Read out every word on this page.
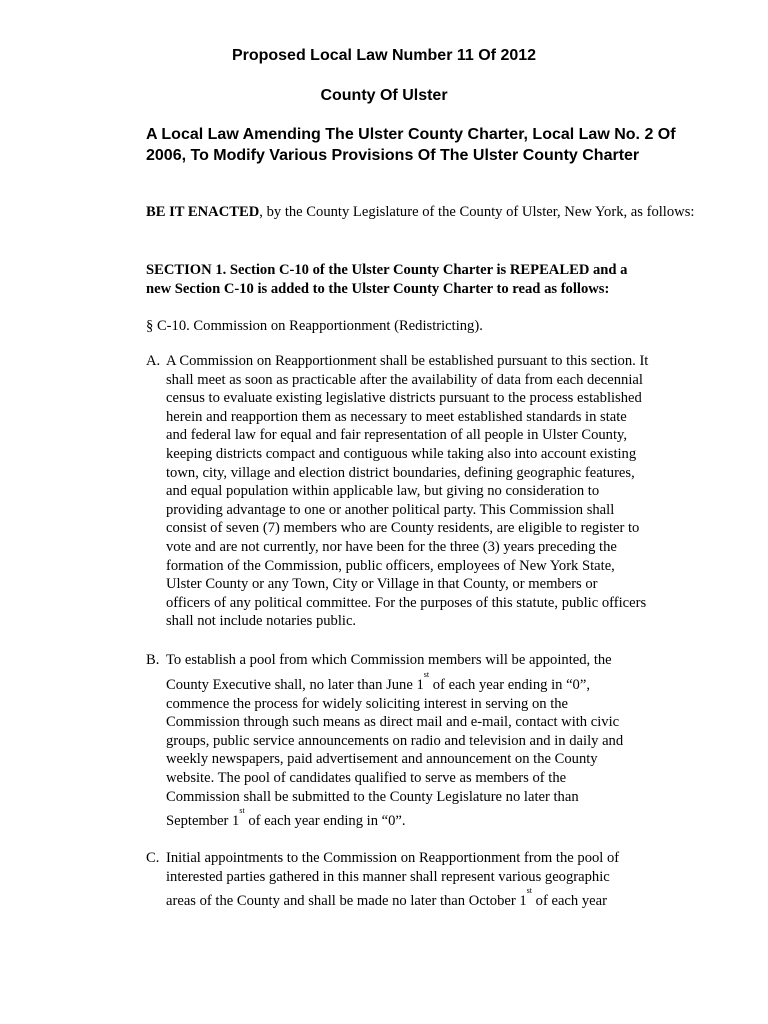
Proposed Local Law Number 11 Of 2012
County Of Ulster
A Local Law Amending The Ulster County Charter, Local Law No. 2 Of 2006, To Modify Various Provisions Of The Ulster County Charter
BE IT ENACTED, by the County Legislature of the County of Ulster, New York, as follows:
SECTION 1. Section C-10 of the Ulster County Charter is REPEALED and a
new Section C-10 is added to the Ulster County Charter to read as follows:
§ C-10. Commission on Reapportionment (Redistricting).
A. A Commission on Reapportionment shall be established pursuant to this section. It
shall meet as soon as practicable after the availability of data from each decennial
census to evaluate existing legislative districts pursuant to the process established
herein and reapportion them as necessary to meet established standards in state
and federal law for equal and fair representation of all people in Ulster County,
keeping districts compact and contiguous while taking also into account existing
town, city, village and election district boundaries, defining geographic features,
and equal population within applicable law, but giving no consideration to
providing advantage to one or another political party. This Commission shall
consist of seven (7) members who are County residents, are eligible to register to
vote and are not currently, nor have been for the three (3) years preceding the
formation of the Commission, public officers, employees of New York State,
Ulster County or any Town, City or Village in that County, or members or
officers of any political committee. For the purposes of this statute, public officers
shall not include notaries public.
B. To establish a pool from which Commission members will be appointed, the
County Executive shall, no later than June 1st of each year ending in “0”,
commence the process for widely soliciting interest in serving on the
Commission through such means as direct mail and e-mail, contact with civic
groups, public service announcements on radio and television and in daily and
weekly newspapers, paid advertisement and announcement on the County
website. The pool of candidates qualified to serve as members of the
Commission shall be submitted to the County Legislature no later than
September 1st of each year ending in “0”.
C. Initial appointments to the Commission on Reapportionment from the pool of
interested parties gathered in this manner shall represent various geographic
areas of the County and shall be made no later than October 1st of each year
